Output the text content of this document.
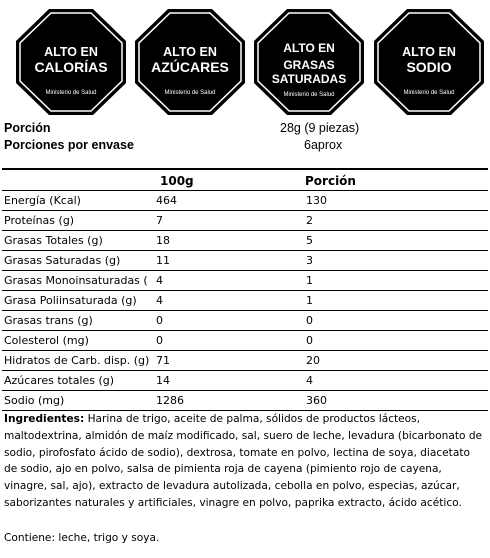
ALTO EN
CALORÍAS
Ministerio de Salud
ALTO EN
AZÚCARES
Ministerio de Salud
ALTO EN
GRASAS
SATURADAS
Ministerio de Salud
ALTO EN
SODIO
Ministerio de Salud
Porción	28g (9 piezas)
Porciones por envase	6aprox
100g	Porción
Energía (Kcal)	464	130
Proteínas (g)	7	2
Grasas Totales (g)	18	5
Grasas Saturadas (g)	11	3
Grasas Monoinsaturadas ( 4	1
Grasa Poliinsaturada (g) 4	1
Grasas trans (g)	0	0
Colesterol (mg)	0	0
Hidratos de Carb. disp. (g) 71	20
Azúcares totales (g)	14	4
Sodio (mg)	1286	360
Ingredientes: Harina de trigo, aceite de palma, sólidos de productos lácteos, maltodextrina, almidón de maíz modificado, sal, suero de leche, levadura (bicarbonato de sodio, pirofosfato ácido de sodio), dextrosa, tomate en polvo, lectina de soya, diacetato de sodio, ajo en polvo, salsa de pimienta roja de cayena (pimiento rojo de cayena, vinagre, sal, ajo), extracto de levadura autolizada, cebolla en polvo, especias, azúcar, saborizantes naturales y artificiales, vinagre en polvo, paprika extracto, ácido acético.
Contiene: leche, trigo y soya.
